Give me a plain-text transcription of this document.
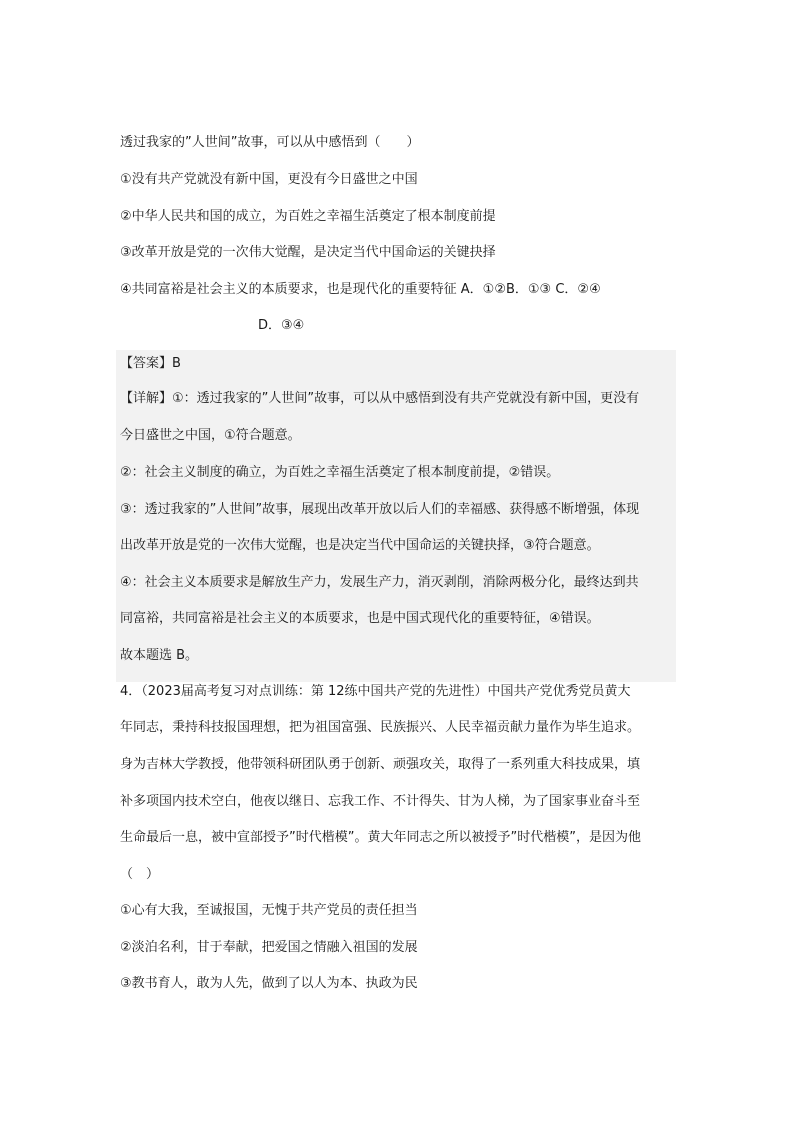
透过我家的”人世间”故事，可以从中感悟到（　　）
①没有共产党就没有新中国，更没有今日盛世之中国
②中华人民共和国的成立，为百姓之幸福生活奠定了根本制度前提
③改革开放是党的一次伟大觉醒，是决定当代中国命运的关键抉择
④共同富裕是社会主义的本质要求，也是现代化的重要特征 A．①②B．①③ C．②④
D．③④
【答案】B
【详解】①：透过我家的”人世间”故事，可以从中感悟到没有共产党就没有新中国，更没有
今日盛世之中国，①符合题意。
②：社会主义制度的确立，为百姓之幸福生活奠定了根本制度前提，②错误。
③：透过我家的”人世间”故事，展现出改革开放以后人们的幸福感、获得感不断增强，体现
出改革开放是党的一次伟大觉醒，也是决定当代中国命运的关键抉择，③符合题意。
④：社会主义本质要求是解放生产力，发展生产力，消灭剥削，消除两极分化，最终达到共
同富裕，共同富裕是社会主义的本质要求，也是中国式现代化的重要特征，④错误。
故本题选 B。
4．（2023届高考复习对点训练：第 12练中国共产党的先进性）中国共产党优秀党员黄大
年同志，秉持科技报国理想，把为祖国富强、民族振兴、人民幸福贡献力量作为毕生追求。
身为吉林大学教授，他带领科研团队勇于创新、顽强攻关，取得了一系列重大科技成果，填
补多项国内技术空白，他夜以继日、忘我工作、不计得失、甘为人梯，为了国家事业奋斗至
生命最后一息，被中宣部授予”时代楷模”。黄大年同志之所以被授予”时代楷模”，是因为他
（　）
①心有大我，至诚报国，无愧于共产党员的责任担当
②淡泊名利，甘于奉献，把爱国之情融入祖国的发展
③教书育人，敢为人先，做到了以人为本、执政为民
